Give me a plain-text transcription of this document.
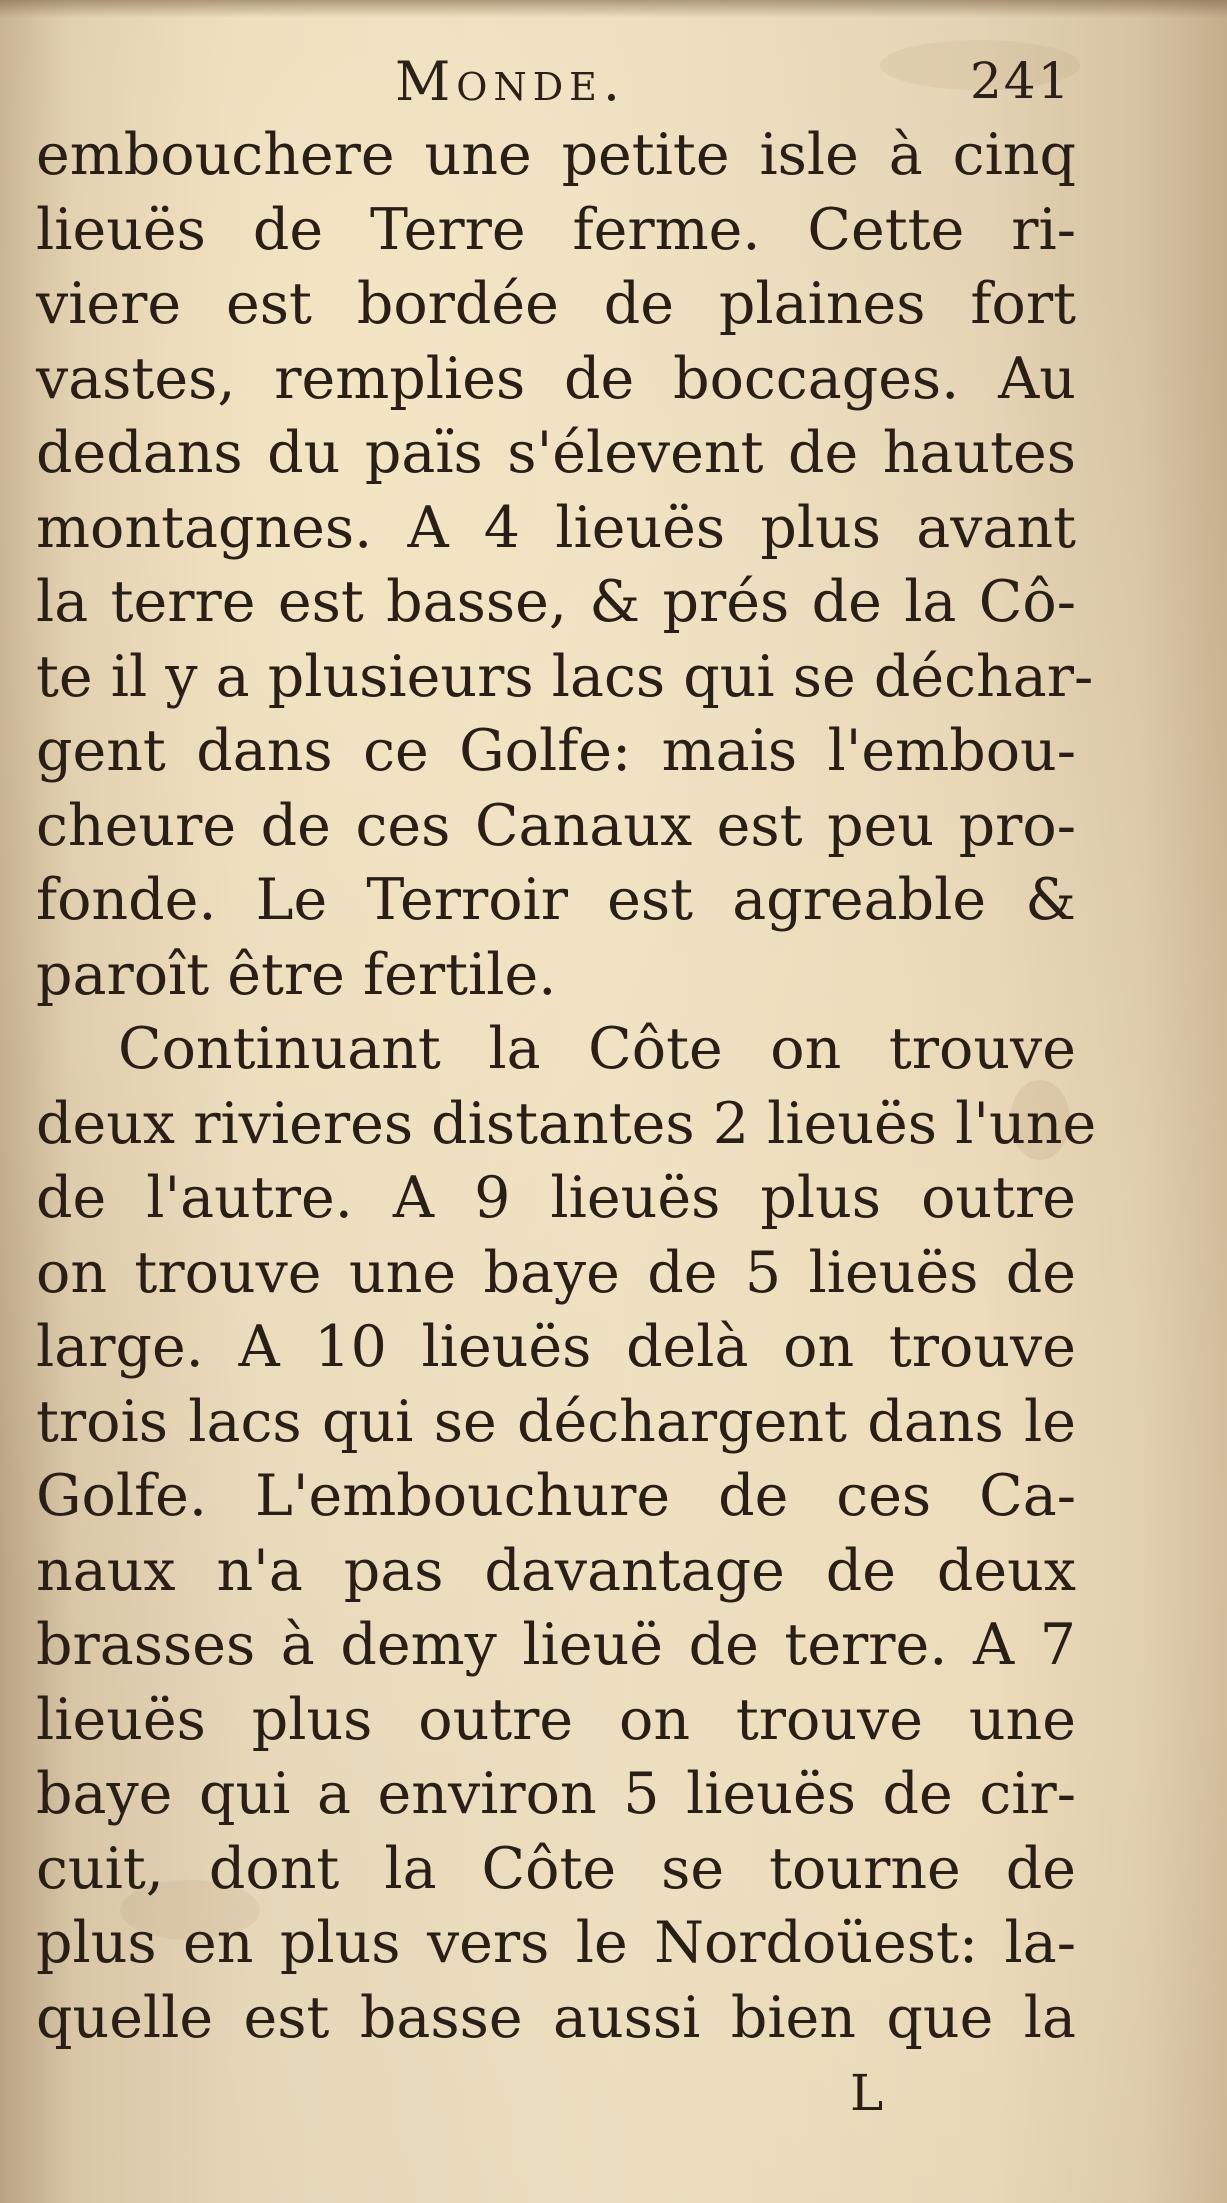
Monde.	241
embouchere une petite isle à cinq
lieuës de Terre ferme. Cette ri-
viere est bordée de plaines fort
vastes, remplies de boccages. Au
dedans du païs s'élevent de hautes
montagnes. A 4 lieuës plus avant
la terre est basse, & prés de la Cô-
te il y a plusieurs lacs qui se déchar-
gent dans ce Golfe: mais l'embou-
cheure de ces Canaux est peu pro-
fonde. Le Terroir est agreable &
paroît être fertile.
Continuant la Côte on trouve
deux rivieres distantes 2 lieuës l'une
de l'autre. A 9 lieuës plus outre
on trouve une baye de 5 lieuës de
large. A 10 lieuës delà on trouve
trois lacs qui se déchargent dans le
Golfe. L'embouchure de ces Ca-
naux n'a pas davantage de deux
brasses à demy lieuë de terre. A 7
lieuës plus outre on trouve une
baye qui a environ 5 lieuës de cir-
cuit, dont la Côte se tourne de
plus en plus vers le Nordoüest: la-
quelle est basse aussi bien que la
L
